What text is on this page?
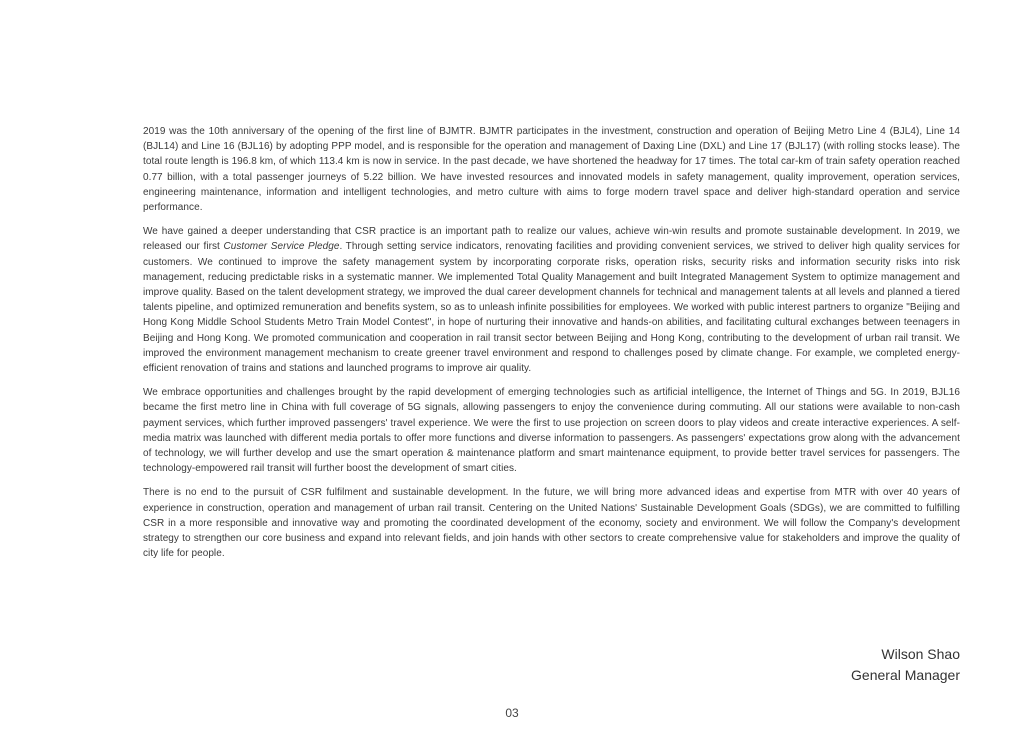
2019 was the 10th anniversary of the opening of the first line of BJMTR. BJMTR participates in the investment, construction and operation of Beijing Metro Line 4 (BJL4), Line 14 (BJL14) and Line 16 (BJL16) by adopting PPP model, and is responsible for the operation and management of Daxing Line (DXL) and Line 17 (BJL17) (with rolling stocks lease). The total route length is 196.8 km, of which 113.4 km is now in service. In the past decade, we have shortened the headway for 17 times. The total car-km of train safety operation reached 0.77 billion, with a total passenger journeys of 5.22 billion. We have invested resources and innovated models in safety management, quality improvement, operation services, engineering maintenance, information and intelligent technologies, and metro culture with aims to forge modern travel space and deliver high-standard operation and service performance.

We have gained a deeper understanding that CSR practice is an important path to realize our values, achieve win-win results and promote sustainable development. In 2019, we released our first Customer Service Pledge. Through setting service indicators, renovating facilities and providing convenient services, we strived to deliver high quality services for customers. We continued to improve the safety management system by incorporating corporate risks, operation risks, security risks and information security risks into risk management, reducing predictable risks in a systematic manner. We implemented Total Quality Management and built Integrated Management System to optimize management and improve quality. Based on the talent development strategy, we improved the dual career development channels for technical and management talents at all levels and planned a tiered talents pipeline, and optimized remuneration and benefits system, so as to unleash infinite possibilities for employees. We worked with public interest partners to organize "Beijing and Hong Kong Middle School Students Metro Train Model Contest", in hope of nurturing their innovative and hands-on abilities, and facilitating cultural exchanges between teenagers in Beijing and Hong Kong. We promoted communication and cooperation in rail transit sector between Beijing and Hong Kong, contributing to the development of urban rail transit. We improved the environment management mechanism to create greener travel environment and respond to challenges posed by climate change. For example, we completed energy-efficient renovation of trains and stations and launched programs to improve air quality.

We embrace opportunities and challenges brought by the rapid development of emerging technologies such as artificial intelligence, the Internet of Things and 5G. In 2019, BJL16 became the first metro line in China with full coverage of 5G signals, allowing passengers to enjoy the convenience during commuting. All our stations were available to non-cash payment services, which further improved passengers' travel experience. We were the first to use projection on screen doors to play videos and create interactive experiences. A self-media matrix was launched with different media portals to offer more functions and diverse information to passengers. As passengers' expectations grow along with the advancement of technology, we will further develop and use the smart operation & maintenance platform and smart maintenance equipment, to provide better travel services for passengers. The technology-empowered rail transit will further boost the development of smart cities.

There is no end to the pursuit of CSR fulfilment and sustainable development. In the future, we will bring more advanced ideas and expertise from MTR with over 40 years of experience in construction, operation and management of urban rail transit. Centering on the United Nations' Sustainable Development Goals (SDGs), we are committed to fulfilling CSR in a more responsible and innovative way and promoting the coordinated development of the economy, society and environment. We will follow the Company's development strategy to strengthen our core business and expand into relevant fields, and join hands with other sectors to create comprehensive value for stakeholders and improve the quality of city life for people.

Wilson Shao
General Manager
03
